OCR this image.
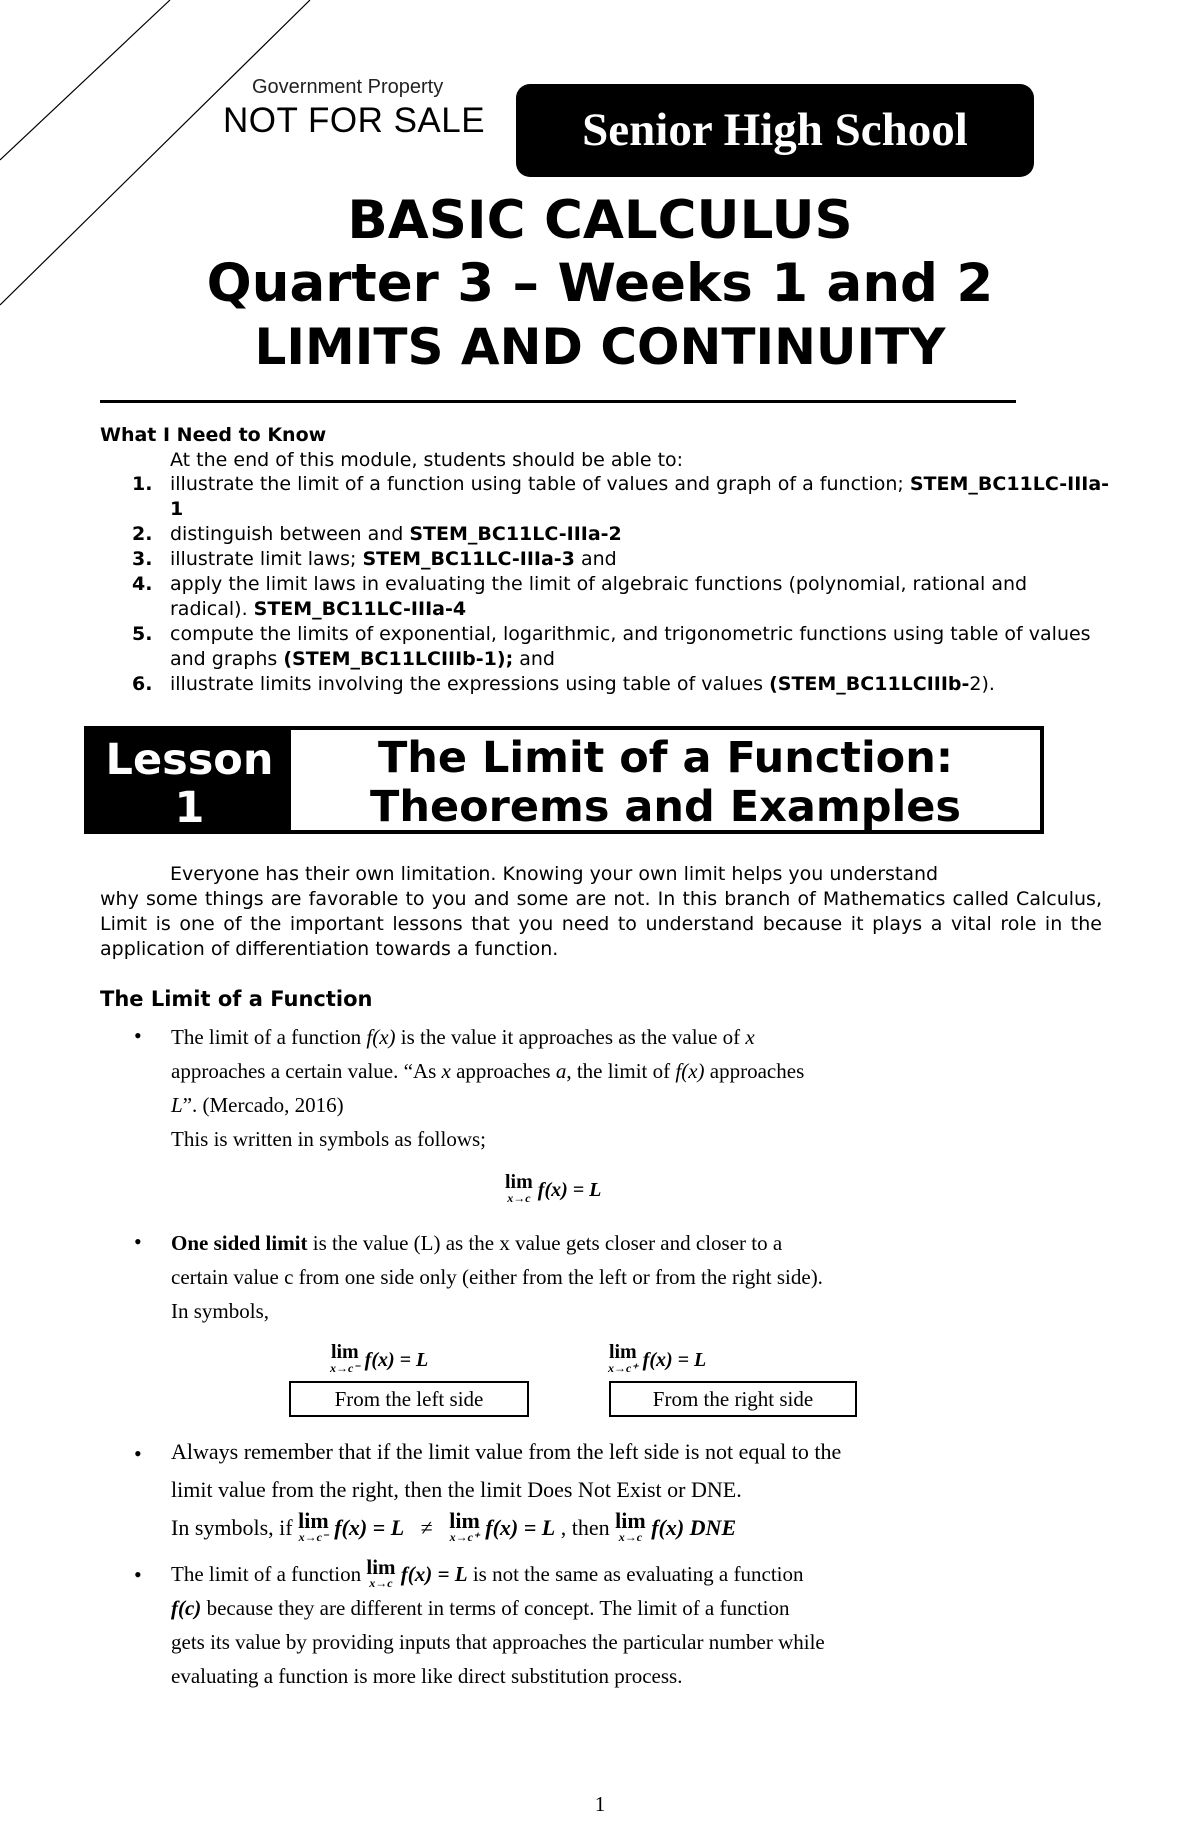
Government Property
NOT FOR SALE	Senior High School
BASIC CALCULUS
Quarter 3 – Weeks 1 and 2
LIMITS AND CONTINUITY
What I Need to Know
At the end of this module, students should be able to:
1. illustrate the limit of a function using table of values and graph of a function; STEM_BC11LC-IIIa-1
2. distinguish between and STEM_BC11LC-IIIa-2
3. illustrate limit laws; STEM_BC11LC-IIIa-3 and
4. apply the limit laws in evaluating the limit of algebraic functions (polynomial, rational and radical). STEM_BC11LC-IIIa-4
5. compute the limits of exponential, logarithmic, and trigonometric functions using table of values and graphs (STEM_BC11LCIIIb-1); and
6. illustrate limits involving the expressions using table of values (STEM_BC11LCIIIb-2).
Lesson
1
The Limit of a Function:
Theorems and Examples
Everyone has their own limitation. Knowing your own limit helps you understand
why some things are favorable to you and some are not. In this branch of Mathematics called Calculus, Limit is one of the important lessons that you need to understand because it plays a vital role in the application of differentiation towards a function.
The Limit of a Function
• The limit of a function f(x) is the value it approaches as the value of x
approaches a certain value. “As x approaches a, the limit of f(x) approaches
L”. (Mercado, 2016)
This is written in symbols as follows;
lim
x→c f(x) = L
• One sided limit is the value (L) as the x value gets closer and closer to a
certain value c from one side only (either from the left or from the right side).
In symbols,
lim
x→c⁻ f(x) = L	lim
x→c⁺ f(x) = L
From the left side	From the right side
• Always remember that if the limit value from the left side is not equal to the
limit value from the right, then the limit Does Not Exist or DNE.
In symbols, if lim
x→c⁻ f(x) = L ≠ lim
x→c⁺ f(x) = L , then lim
x→c f(x) DNE
• The limit of a function lim
x→c f(x) = L is not the same as evaluating a function
f(c) because they are different in terms of concept. The limit of a function
gets its value by providing inputs that approaches the particular number while
evaluating a function is more like direct substitution process.
1
